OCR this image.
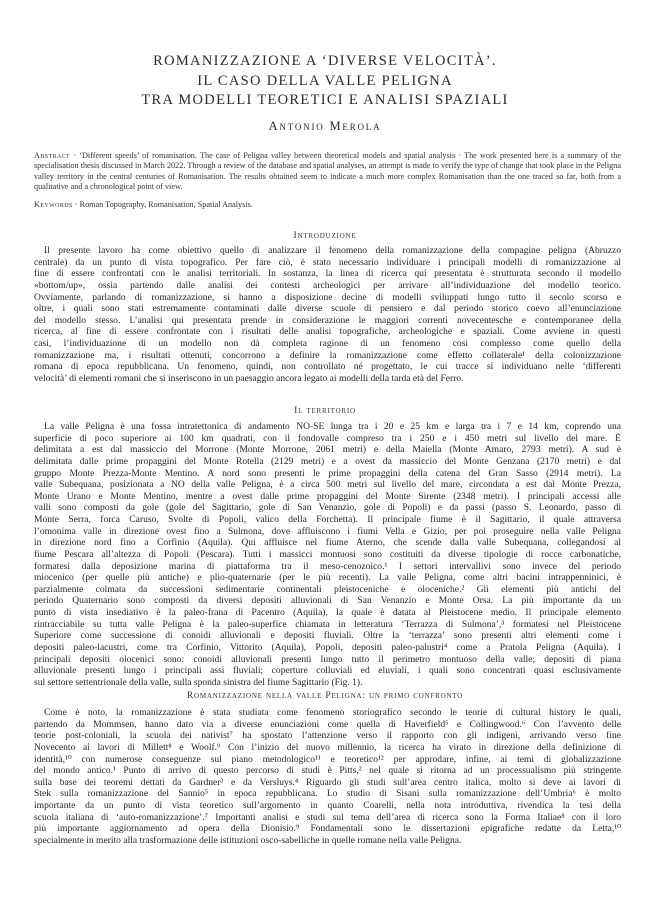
ROMANIZZAZIONE A ‘DIVERSE VELOCITÀ’.
IL CASO DELLA VALLE PELIGNA
TRA MODELLI TEORETICI E ANALISI SPAZIALI
Antonio Merola
Abstract · ‘Different speeds’ of romanisation. The case of Peligna valley between theoretical models and spatial analysis · The work presented here is a summary of the specialisation thesis discussed in March 2022. Through a review of the database and spatial analyses, an attempt is made to verify the type of change that took place in the Peligna valley territory in the central centuries of Romanisation. The results obtained seem to indicate a much more complex Romanisation than the one traced so far, both from a qualitative and a chronological point of view.
Keywords · Roman Topography, Romanisation, Spatial Analysis.
Introduzione
Il presente lavoro ha come obiettivo quello di analizzare il fenomeno della romanizzazione della compagine peligna (Abruzzo
centrale) da un punto di vista topografico. Per fare ciò, è stato necessario individuare i principali modelli di romanizzazione al
fine di essere confrontati con le analisi territoriali. In sostanza, la linea di ricerca qui presentata è strutturata secondo il modello
«bottom/up», ossia partendo dalle analisi dei contesti archeologici per arrivare all’individuazione del modello teorico.
Ovviamente, parlando di romanizzazione, si hanno a disposizione decine di modelli sviluppati lungo tutto il secolo scorso e
oltre, i quali sono stati estremamente contaminati dalle diverse scuole di pensiero e dal periodo storico coevo all’enunciazione
del modello stesso. L’analisi qui presentata prende in considerazione le maggiori correnti novecentesche e contemporanee della
ricerca, al fine di essere confrontate con i risultati delle analisi topografiche, archeologiche e spaziali. Come avviene in questi
casi, l’individuazione di un modello non dà completa ragione di un fenomeno così complesso come quello della
romanizzazione ma, i risultati ottenuti, concorrono a definire la romanizzazione come effetto collaterale¹ della colonizzazione
romana di epoca repubblicana. Un fenomeno, quindi, non controllato né progettato, le cui tracce si individuano nelle ‘differenti
velocità’ di elementi romani che si inseriscono in un paesaggio ancora legato ai modelli della tarda età del Ferro.
Il territorio
La valle Peligna è una fossa intratettonica di andamento NO-SE lunga tra i 20 e 25 km e larga tra i 7 e 14 km, coprendo una
superficie di poco superiore ai 100 km quadrati, con il fondovalle compreso tra i 250 e i 450 metri sul livello del mare. È
delimitata a est dal massiccio del Morrone (Monte Morrone, 2061 metri) e della Maiella (Monte Amaro, 2793 metri). A sud è
delimitata dalle prime propaggini del Monte Rotella (2129 metri) e a ovest da massiccio del Monte Genzana (2170 metri) e dal
gruppo Monte Prezza-Monte Mentino. A nord sono presenti le prime propaggini della catena del Gran Sasso (2914 metri). La
valle Subequana, posizionata a NO della valle Peligna, è a circa 500 metri sul livello del mare, circondata a est dal Monte Prezza,
Monte Urano e Monte Mentino, mentre a ovest dalle prime propaggini del Monte Sirente (2348 metri). I principali accessi alle
valli sono composti da gole (gole del Sagittario, gole di San Venanzio, gole di Popoli) e da passi (passo S. Leonardo, passo di
Monte Serra, forca Caruso, Svolte di Popoli, valico della Forchetta). Il principale fiume è il Sagittario, il quale attraversa
l’omonima valle in direzione ovest fino a Sulmona, dove affluiscono i fiumi Vella e Gizio, per poi proseguire nella valle Peligna
in direzione nord fino a Corfinio (Aquila). Qui affluisce nel fiume Aterno, che scende dalla valle Subequana, collegandosi al
fiume Pescara all’altezza di Popoli (Pescara). Tutti i massicci montuosi sono costituiti da diverse tipologie di rocce carbonatiche,
formatesi dalla deposizione marina di piattaforma tra il meso-cenozoico.¹ I settori intervallivi sono invece del periodo
miocenico (per quelle più antiche) e plio-quaternarie (per le più recenti). La valle Peligna, come altri bacini intrappenninici, è
parzialmente colmata da successioni sedimentarie continentali pleistoceniche e oloceniche.² Gli elementi più antichi del
periodo Quaternario sono composti da diversi depositi alluvionali di San Venanzio e Monte Orsa. La più importante da un
punto di vista insediativo è la paleo-frana di Pacentro (Aquila), la quale è datata al Pleistocene medio. Il principale elemento
rintracciabile su tutta valle Peligna è la paleo-superfice chiamata in letteratura ‘Terrazza di Sulmona’,³ formatesi nel Pleistocene
Superiore come successione di conoidi alluvionali e depositi fluviali. Oltre la ‘terrazza’ sono presenti altri elementi come i
depositi paleo-lacustri, come tra Corfinio, Vittorito (Aquila), Popoli, depositi paleo-palustri⁴ come a Pratola Peligna (Aquila). I
principali depositi olocenici sono: conoidi alluvionali presenti lungo tutto il perimetro montuoso della valle; depositi di piana
alluvionale presenti lungo i principali assi fluviali; coperture colluviali ed eluviali, i quali sono concentrati quasi esclusivamente
sul settore settentrionale della valle, sulla sponda sinistra del fiume Sagittario (Fig. 1).
Romanizzazione nella valle Peligna: un primo confronto
Come è noto, la romanizzazione è stata studiata come fenomeno storiografico secondo le teorie di cultural history le quali,
partendo da Mommsen, hanno dato via a diverse enunciazioni come quella di Haverfield⁵ e Collingwood.⁶ Con l’avvento delle
teorie post-coloniali, la scuola dei nativist⁷ ha spostato l’attenzione verso il rapporto con gli indigeni, arrivando verso fine
Novecento ai lavori di Millett⁸ e Woolf.⁹ Con l’inizio del nuovo millennio, la ricerca ha virato in direzione della definizione di
identità,¹⁰ con numerose conseguenze sul piano metodologico¹¹ e teoretico¹² per approdare, infine, ai temi di globalizzazione
del mondo antico.¹ Punto di arrivo di questo percorso di studi è Pitts,² nel quale si ritorna ad un processualismo più stringente
sulla base dei teoremi dettati da Gardner³ e da Versluys.⁴ Riguardo gli studi sull’area centro italica, molto si deve ai lavori di
Stek sulla romanizzazione del Sannio⁵ in epoca repubblicana. Lo studio di Sisani sulla romanizzazione dell’Umbria⁶ è molto
importante da un punto di vista teoretico sull’argomento in quanto Coarelli, nella nota introduttiva, rivendica la tesi della
scuola italiana di ‘auto-romanizzazione’.⁷ Importanti analisi e studi sul tema dell’area di ricerca sono la Forma Italiae⁸ con il loro
più importante aggiornamento ad opera della Dionisio.⁹ Fondamentali sono le dissertazioni epigrafiche redatte da Letta,¹⁰
specialmente in merito alla trasformazione delle istituzioni osco-sabelliche in quelle romane nella valle Peligna.
